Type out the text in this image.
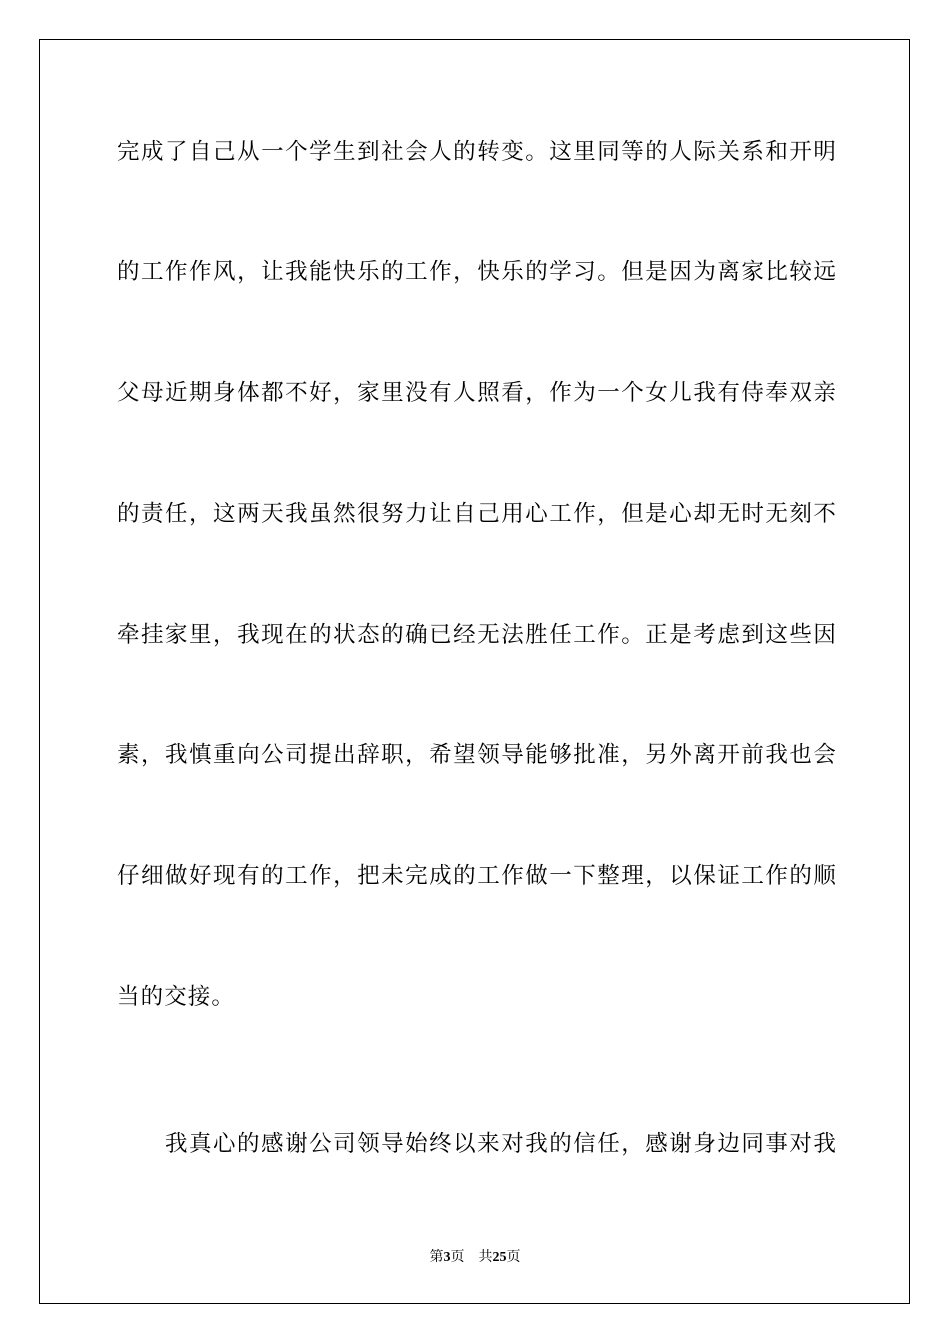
完成了自己从一个学生到社会人的转变。这里同等的人际关系和开明
的工作作风，让我能快乐的工作，快乐的学习。但是因为离家比较远
父母近期身体都不好，家里没有人照看，作为一个女儿我有侍奉双亲
的责任，这两天我虽然很努力让自己用心工作，但是心却无时无刻不
牵挂家里，我现在的状态的确已经无法胜任工作。正是考虑到这些因
素，我慎重向公司提出辞职，希望领导能够批准，另外离开前我也会
仔细做好现有的工作，把未完成的工作做一下整理，以保证工作的顺
当的交接。
我真心的感谢公司领导始终以来对我的信任，感谢身边同事对我
第3页 共25页
